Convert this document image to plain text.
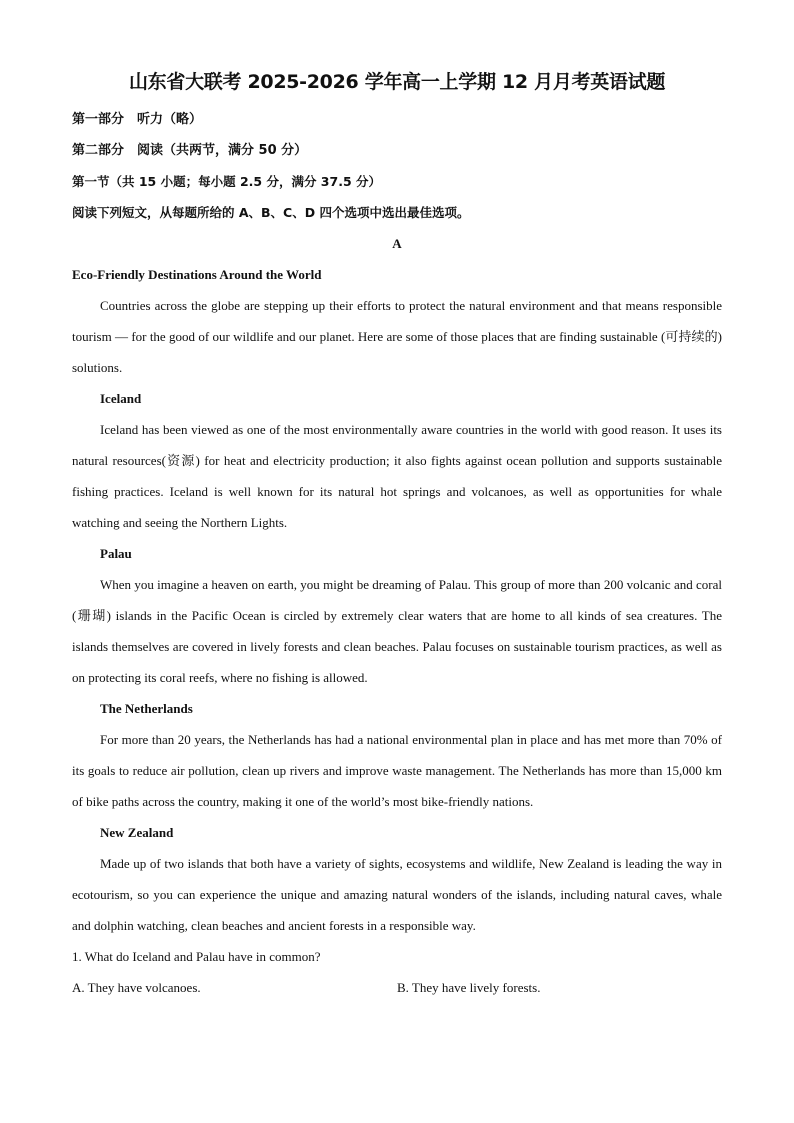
山东省大联考 2025-2026 学年高一上学期 12 月月考英语试题

第一部分　听力（略）

第二部分　阅读（共两节，满分 50 分）

第一节（共 15 小题；每小题 2.5 分，满分 37.5 分）

阅读下列短文，从每题所给的 A、B、C、D 四个选项中选出最佳选项。

A

Eco-Friendly Destinations Around the World

Countries across the globe are stepping up their efforts to protect the natural environment and that means responsible tourism — for the good of our wildlife and our planet. Here are some of those places that are finding sustainable (可持续的) solutions.

Iceland

Iceland has been viewed as one of the most environmentally aware countries in the world with good reason. It uses its natural resources(资源) for heat and electricity production; it also fights against ocean pollution and supports sustainable fishing practices. Iceland is well known for its natural hot springs and volcanoes, as well as opportunities for whale watching and seeing the Northern Lights.

Palau

When you imagine a heaven on earth, you might be dreaming of Palau. This group of more than 200 volcanic and coral (珊瑚) islands in the Pacific Ocean is circled by extremely clear waters that are home to all kinds of sea creatures. The islands themselves are covered in lively forests and clean beaches. Palau focuses on sustainable tourism practices, as well as on protecting its coral reefs, where no fishing is allowed.

The Netherlands

For more than 20 years, the Netherlands has had a national environmental plan in place and has met more than 70% of its goals to reduce air pollution, clean up rivers and improve waste management. The Netherlands has more than 15,000 km of bike paths across the country, making it one of the world’s most bike-friendly nations.

New Zealand

Made up of two islands that both have a variety of sights, ecosystems and wildlife, New Zealand is leading the way in ecotourism, so you can experience the unique and amazing natural wonders of the islands, including natural caves, whale and dolphin watching, clean beaches and ancient forests in a responsible way.

1. What do Iceland and Palau have in common?

A. They have volcanoes.	B. They have lively forests.
